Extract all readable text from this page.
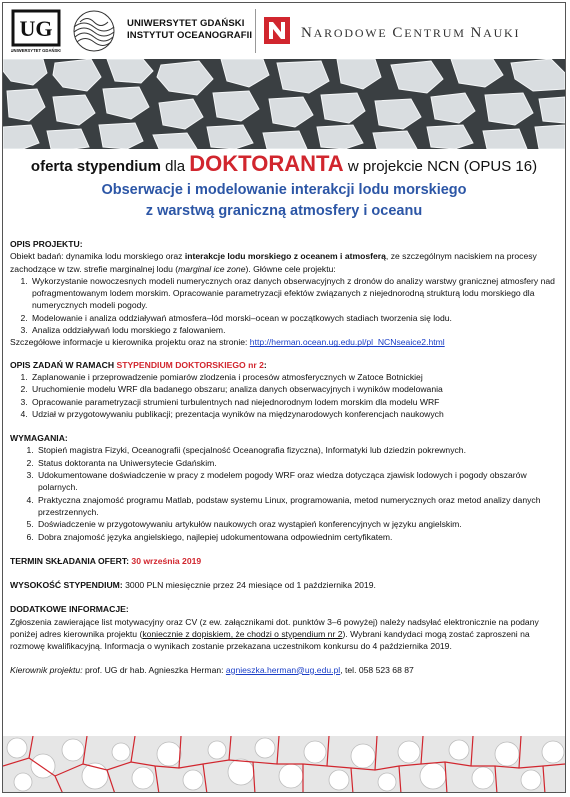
UG
UNIWERSYTET GDAŃSKI
UNIWERSYTET GDAŃSKI
INSTYTUT OCEANOGRAFII	NARODOWE CENTRUM NAUKI
oferta stypendium dla DOKTORANTA w projekcie NCN (OPUS 16)
Obserwacje i modelowanie interakcji lodu morskiego
z warstwą graniczną atmosfery i oceanu
OPIS PROJEKTU:
Obiekt badań: dynamika lodu morskiego oraz interakcje lodu morskiego z oceanem i atmosferą, ze szczególnym naciskiem na procesy zachodzące w tzw. strefie marginalnej lodu (marginal ice zone). Główne cele projektu:
1. Wykorzystanie nowoczesnych modeli numerycznych oraz danych obserwacyjnych z dronów do analizy warstwy granicznej atmosfery nad pofragmentowanym lodem morskim. Opracowanie parametryzacji efektów związanych z niejednorodną strukturą lodu morskiego dla numerycznych modeli pogody.
2. Modelowanie i analiza oddziaływań atmosfera–lód morski–ocean w początkowych stadiach tworzenia się lodu.
3. Analiza oddziaływań lodu morskiego z falowaniem.
Szczegółowe informacje u kierownika projektu oraz na stronie: http://herman.ocean.ug.edu.pl/pl_NCNseaice2.html
OPIS ZADAŃ W RAMACH STYPENDIUM DOKTORSKIEGO nr 2:
1. Zaplanowanie i przeprowadzenie pomiarów zlodzenia i procesów atmosferycznych w Zatoce Botnickiej
2. Uruchomienie modelu WRF dla badanego obszaru; analiza danych obserwacyjnych i wyników modelowania
3. Opracowanie parametryzacji strumieni turbulentnych nad niejednorodnym lodem morskim dla modelu WRF
4. Udział w przygotowywaniu publikacji; prezentacja wyników na międzynarodowych konferencjach naukowych
WYMAGANIA:
1. Stopień magistra Fizyki, Oceanografii (specjalność Oceanografia fizyczna), Informatyki lub dziedzin pokrewnych.
2. Status doktoranta na Uniwersytecie Gdańskim.
3. Udokumentowane doświadczenie w pracy z modelem pogody WRF oraz wiedza dotycząca zjawisk lodowych i pogody obszarów polarnych.
4. Praktyczna znajomość programu Matlab, podstaw systemu Linux, programowania, metod numerycznych oraz metod analizy danych przestrzennych.
5. Doświadczenie w przygotowywaniu artykułów naukowych oraz wystąpień konferencyjnych w języku angielskim.
6. Dobra znajomość języka angielskiego, najlepiej udokumentowana odpowiednim certyfikatem.
TERMIN SKŁADANIA OFERT: 30 września 2019
WYSOKOŚĆ STYPENDIUM: 3000 PLN miesięcznie przez 24 miesiące od 1 października 2019.
DODATKOWE INFORMACJE:
Zgłoszenia zawierające list motywacyjny oraz CV (z ew. załącznikami dot. punktów 3–6 powyżej) należy nadsyłać elektronicznie na podany poniżej adres kierownika projektu (koniecznie z dopiskiem, że chodzi o stypendium nr 2). Wybrani kandydaci mogą zostać zaproszeni na rozmowę kwalifikacyjną. Informacja o wynikach zostanie przekazana uczestnikom konkursu do 4 października 2019.
Kierownik projektu: prof. UG dr hab. Agnieszka Herman: agnieszka.herman@ug.edu.pl, tel. 058 523 68 87
